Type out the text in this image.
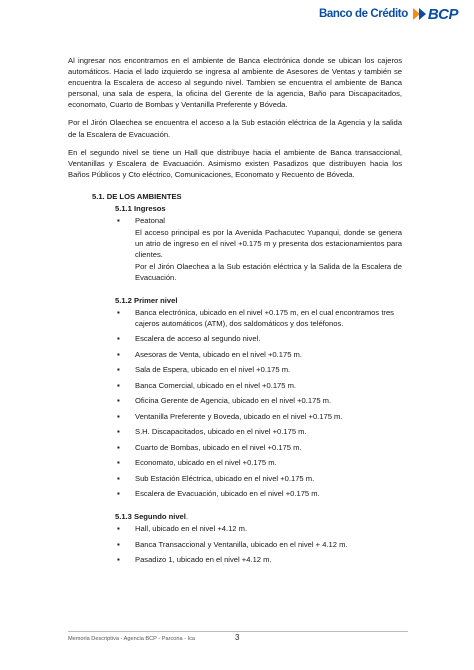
Banco de Crédito BCP

Al ingresar nos encontramos en el ambiente de Banca electrónica donde se ubican los cajeros automáticos. Hacia el lado izquierdo se ingresa al ambiente de Asesores de Ventas y también se encuentra la Escalera de acceso al segundo nivel. Tambien se encuentra el ambiente de Banca personal, una sala de espera, la oficina del Gerente de la agencia, Baño para Discapacitados, economato, Cuarto de Bombas y Ventanilla Preferente y Bóveda.

Por el Jirón Olaechea se encuentra el acceso a la Sub estación eléctrica de la Agencia y la salida de la Escalera de Evacuación.

En el segundo nivel se tiene un Hall que distribuye hacia el ambiente de Banca transaccional, Ventanillas y Escalera de Evacuación. Asimismo existen Pasadizos que distribuyen hacia los Baños Públicos y Cto eléctrico, Comunicaciones, Economato y Recuento de Bóveda.

5.1. DE LOS AMBIENTES
5.1.1 Ingresos
▪ Peatonal
El acceso principal es por la Avenida Pachacutec Yupanqui, donde se genera un atrio de ingreso en el nivel +0.175 m y presenta dos estacionamientos para clientes.
Por el Jirón Olaechea a la Sub estación eléctrica y la Salida de la Escalera de Evacuación.
5.1.2 Primer nivel
▪ Banca electrónica, ubicado en el nivel +0.175 m, en el cual encontramos tres cajeros automáticos (ATM), dos saldomáticos y dos teléfonos.
▪ Escalera de acceso al segundo nivel.
▪ Asesoras de Venta, ubicado en el nivel +0.175 m.
▪ Sala de Espera, ubicado en el nivel +0.175 m.
▪ Banca Comercial, ubicado en el nivel +0.175 m.
▪ Oficina Gerente de Agencia, ubicado en el nivel +0.175 m.
▪ Ventanilla Preferente y Boveda, ubicado en el nivel +0.175 m.
▪ S.H. Discapacitados, ubicado en el nivel +0.175 m.
▪ Cuarto de Bombas, ubicado en el nivel +0.175 m.
▪ Economato, ubicado en el nivel +0.175 m.
▪ Sub Estación Eléctrica, ubicado en el nivel +0.175 m.
▪ Escalera de Evacuación, ubicado en el nivel +0.175 m.
5.1.3 Segundo nivel.
▪ Hall, ubicado en el nivel +4.12 m.
▪ Banca Transaccional y Ventanilla, ubicado en el nivel + 4.12 m.
▪ Pasadizo 1, ubicado en el nivel +4.12 m.
Memoria Descriptiva - Agencia BCP - Parcona - Ica	3
